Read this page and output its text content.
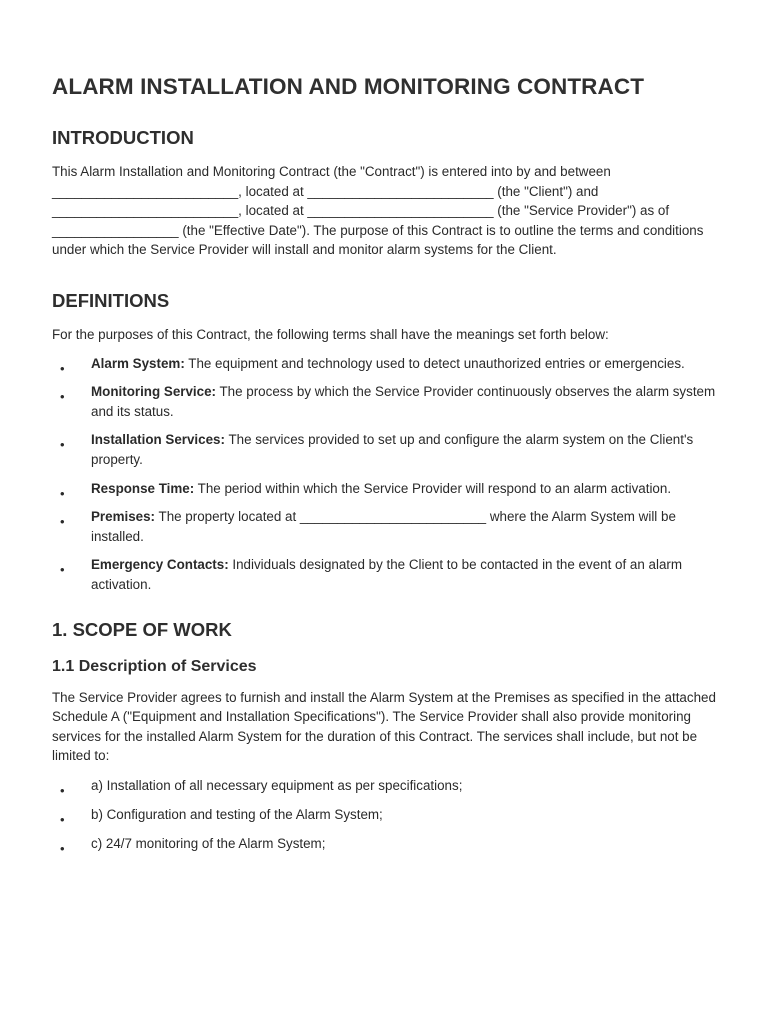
ALARM INSTALLATION AND MONITORING CONTRACT
INTRODUCTION

This Alarm Installation and Monitoring Contract (the "Contract") is entered into by and between _________________________, located at _________________________ (the "Client") and _________________________, located at _________________________ (the "Service Provider") as of _________________ (the "Effective Date"). The purpose of this Contract is to outline the terms and conditions under which the Service Provider will install and monitor alarm systems for the Client.

DEFINITIONS

For the purposes of this Contract, the following terms shall have the meanings set forth below:

• Alarm System: The equipment and technology used to detect unauthorized entries or emergencies.
• Monitoring Service: The process by which the Service Provider continuously observes the alarm system and its status.
• Installation Services: The services provided to set up and configure the alarm system on the Client's property.
• Response Time: The period within which the Service Provider will respond to an alarm activation.
• Premises: The property located at _________________________ where the Alarm System will be installed.
• Emergency Contacts: Individuals designated by the Client to be contacted in the event of an alarm activation.
1. SCOPE OF WORK
1.1 Description of Services

The Service Provider agrees to furnish and install the Alarm System at the Premises as specified in the attached Schedule A ("Equipment and Installation Specifications"). The Service Provider shall also provide monitoring services for the installed Alarm System for the duration of this Contract. The services shall include, but not be limited to:

• a) Installation of all necessary equipment as per specifications;
• b) Configuration and testing of the Alarm System;
• c) 24/7 monitoring of the Alarm System;
